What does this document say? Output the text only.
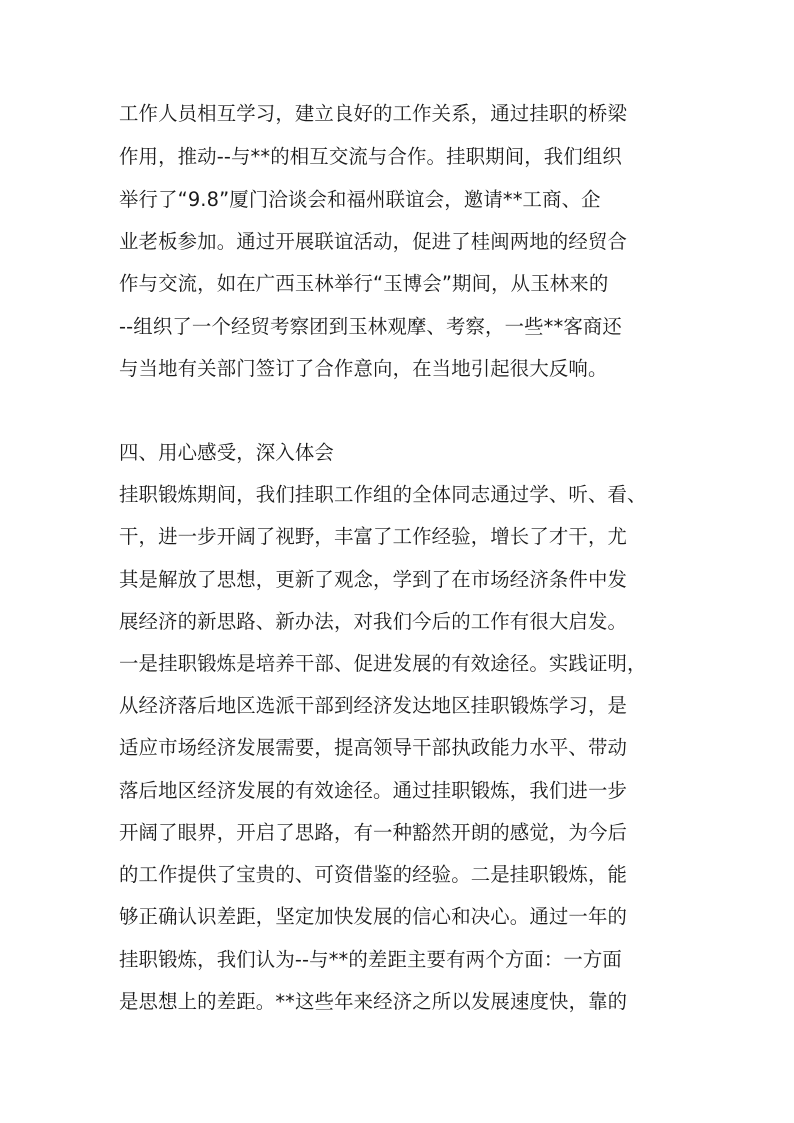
工作人员相互学习，建立良好的工作关系，通过挂职的桥梁
作用，推动--与**的相互交流与合作。挂职期间，我们组织
举行了“9.8”厦门洽谈会和福州联谊会，邀请**工商、企
业老板参加。通过开展联谊活动，促进了桂闽两地的经贸合
作与交流，如在广西玉林举行“玉博会”期间，从玉林来的
--组织了一个经贸考察团到玉林观摩、考察，一些**客商还
与当地有关部门签订了合作意向，在当地引起很大反响。
四、用心感受，深入体会
挂职锻炼期间，我们挂职工作组的全体同志通过学、听、看、
干，进一步开阔了视野，丰富了工作经验，增长了才干，尤
其是解放了思想，更新了观念，学到了在市场经济条件中发
展经济的新思路、新办法，对我们今后的工作有很大启发。
一是挂职锻炼是培养干部、促进发展的有效途径。实践证明，
从经济落后地区选派干部到经济发达地区挂职锻炼学习，是
适应市场经济发展需要，提高领导干部执政能力水平、带动
落后地区经济发展的有效途径。通过挂职锻炼，我们进一步
开阔了眼界，开启了思路，有一种豁然开朗的感觉，为今后
的工作提供了宝贵的、可资借鉴的经验。二是挂职锻炼，能
够正确认识差距，坚定加快发展的信心和决心。通过一年的
挂职锻炼，我们认为--与**的差距主要有两个方面：一方面
是思想上的差距。**这些年来经济之所以发展速度快，靠的
